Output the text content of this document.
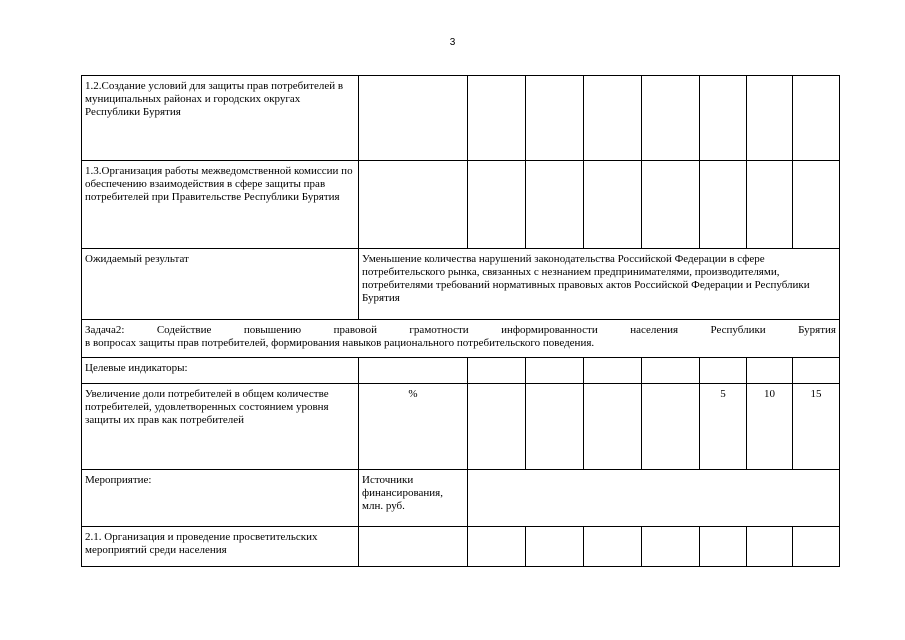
3
1.2.Создание условий для защиты прав потребителей в муниципальных районах и городских округах Республики Бурятия								
1.3.Организация работы межведомственной комиссии по обеспечению взаимодействия в сфере защиты прав потребителей при Правительстве Республики Бурятия								
Ожидаемый результат	Уменьшение количества нарушений законодательства Российской Федерации в сфере потребительского рынка, связанных с незнанием предпринимателями, производителями, потребителями требований нормативных правовых актов Российской Федерации и Республики Бурятия							

Задача2: Содействие повышению правовой грамотности информированности населения Республики Бурятия
в вопросах защиты прав потребителей, формирования навыков рационального потребительского поведения.								
Целевые индикаторы:								
Увеличение доли потребителей в общем количестве потребителей, удовлетворенных состоянием уровня защиты их прав как потребителей	%					5	10	15
Мероприятие:	Источники финансирования, млн. руб.							
2.1. Организация и проведение просветительских мероприятий среди населения								
